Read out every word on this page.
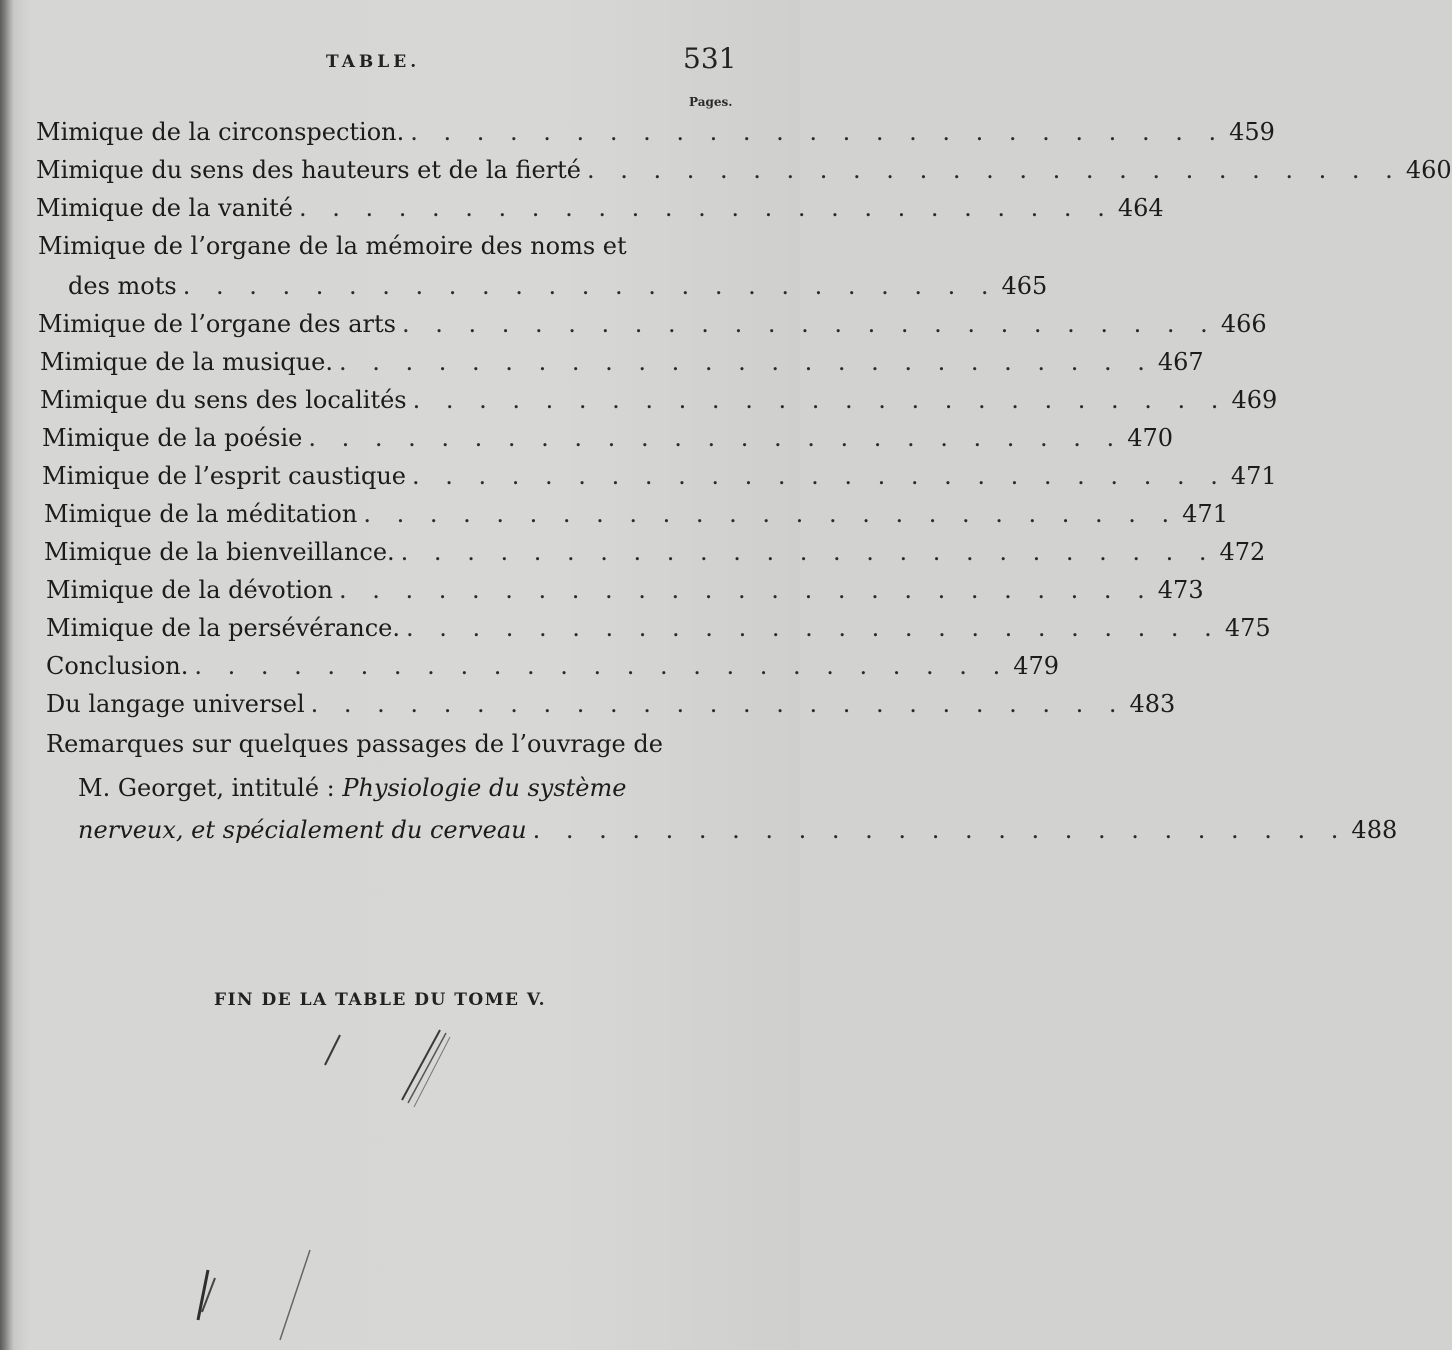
TABLE.	531
Pages.
Mimique de la circonspection. . . . . . . . . . . . . . . . . . . . . . . . . . 459
Mimique du sens des hauteurs et de la fierté . . . . . . . . . . . . . . . . . . . . . . . . . 460
Mimique de la vanité . . . . . . . . . . . . . . . . . . . . . . . . . 464
Mimique de l’organe de la mémoire des noms et
des mots . . . . . . . . . . . . . . . . . . . . . . . . . 465
Mimique de l’organe des arts . . . . . . . . . . . . . . . . . . . . . . . . . 466
Mimique de la musique. . . . . . . . . . . . . . . . . . . . . . . . . . 467
Mimique du sens des localités . . . . . . . . . . . . . . . . . . . . . . . . . 469
Mimique de la poésie . . . . . . . . . . . . . . . . . . . . . . . . . 470
Mimique de l’esprit caustique . . . . . . . . . . . . . . . . . . . . . . . . . 471
Mimique de la méditation . . . . . . . . . . . . . . . . . . . . . . . . . 471
Mimique de la bienveillance. . . . . . . . . . . . . . . . . . . . . . . . . . 472
Mimique de la dévotion . . . . . . . . . . . . . . . . . . . . . . . . . 473
Mimique de la persévérance. . . . . . . . . . . . . . . . . . . . . . . . . . 475
Conclusion. . . . . . . . . . . . . . . . . . . . . . . . . . 479
Du langage universel . . . . . . . . . . . . . . . . . . . . . . . . . 483
Remarques sur quelques passages de l’ouvrage de
M. Georget, intitulé : Physiologie du système
nerveux, et spécialement du cerveau . . . . . . . . . . . . . . . . . . . . . . . . . 488
FIN DE LA TABLE DU TOME V.
